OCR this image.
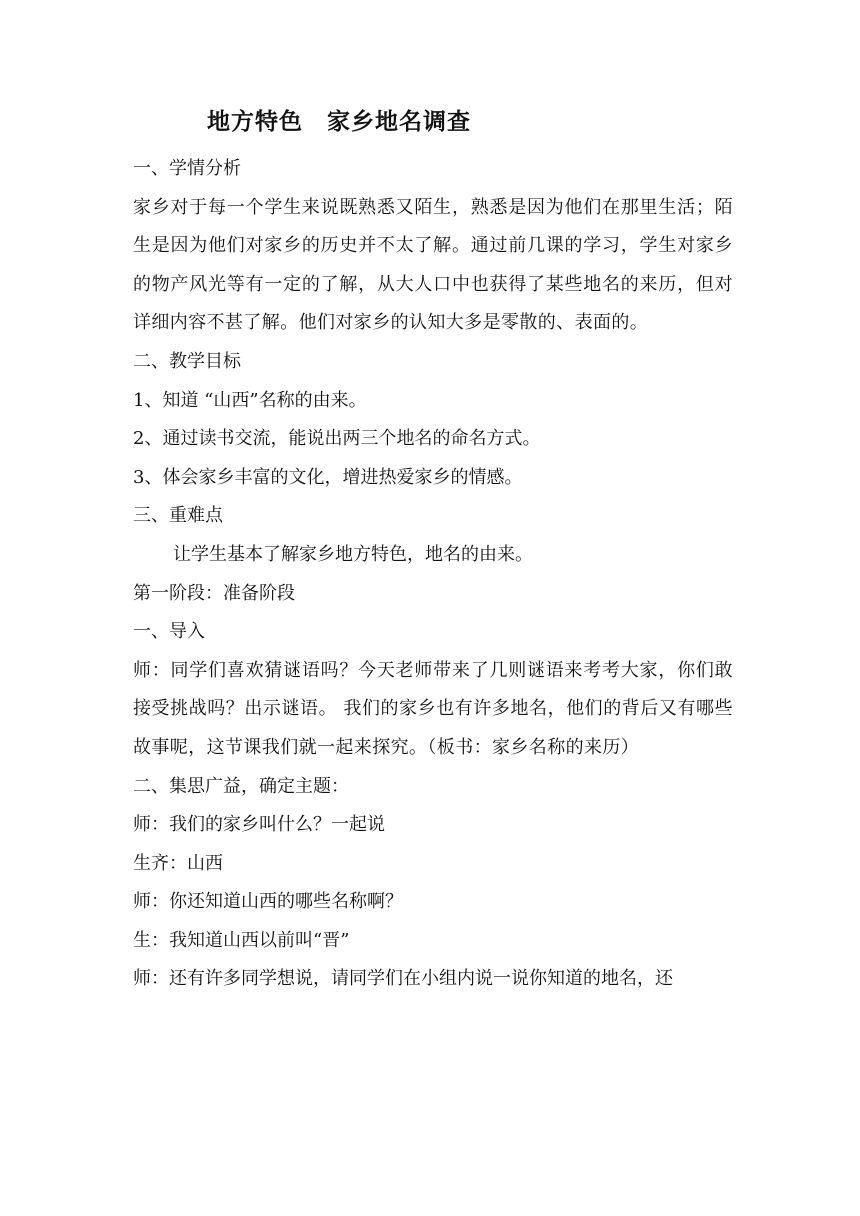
地方特色　家乡地名调查
一、学情分析
家乡对于每一个学生来说既熟悉又陌生，熟悉是因为他们在那里生活；陌生是因为他们对家乡的历史并不太了解。通过前几课的学习，学生对家乡的物产风光等有一定的了解，从大人口中也获得了某些地名的来历，但对详细内容不甚了解。他们对家乡的认知大多是零散的、表面的。
二、教学目标
1、知道 “山西”名称的由来。
2、通过读书交流，能说出两三个地名的命名方式。
3、体会家乡丰富的文化，增进热爱家乡的情感。
三、重难点
让学生基本了解家乡地方特色，地名的由来。
第一阶段：准备阶段
一、导入
师：同学们喜欢猜谜语吗？今天老师带来了几则谜语来考考大家，你们敢接受挑战吗？出示谜语。 我们的家乡也有许多地名，他们的背后又有哪些故事呢，这节课我们就一起来探究。（板书：家乡名称的来历）
二、集思广益，确定主题：
师：我们的家乡叫什么？一起说
生齐：山西
师：你还知道山西的哪些名称啊？
生：我知道山西以前叫“晋”
师：还有许多同学想说，请同学们在小组内说一说你知道的地名，还
